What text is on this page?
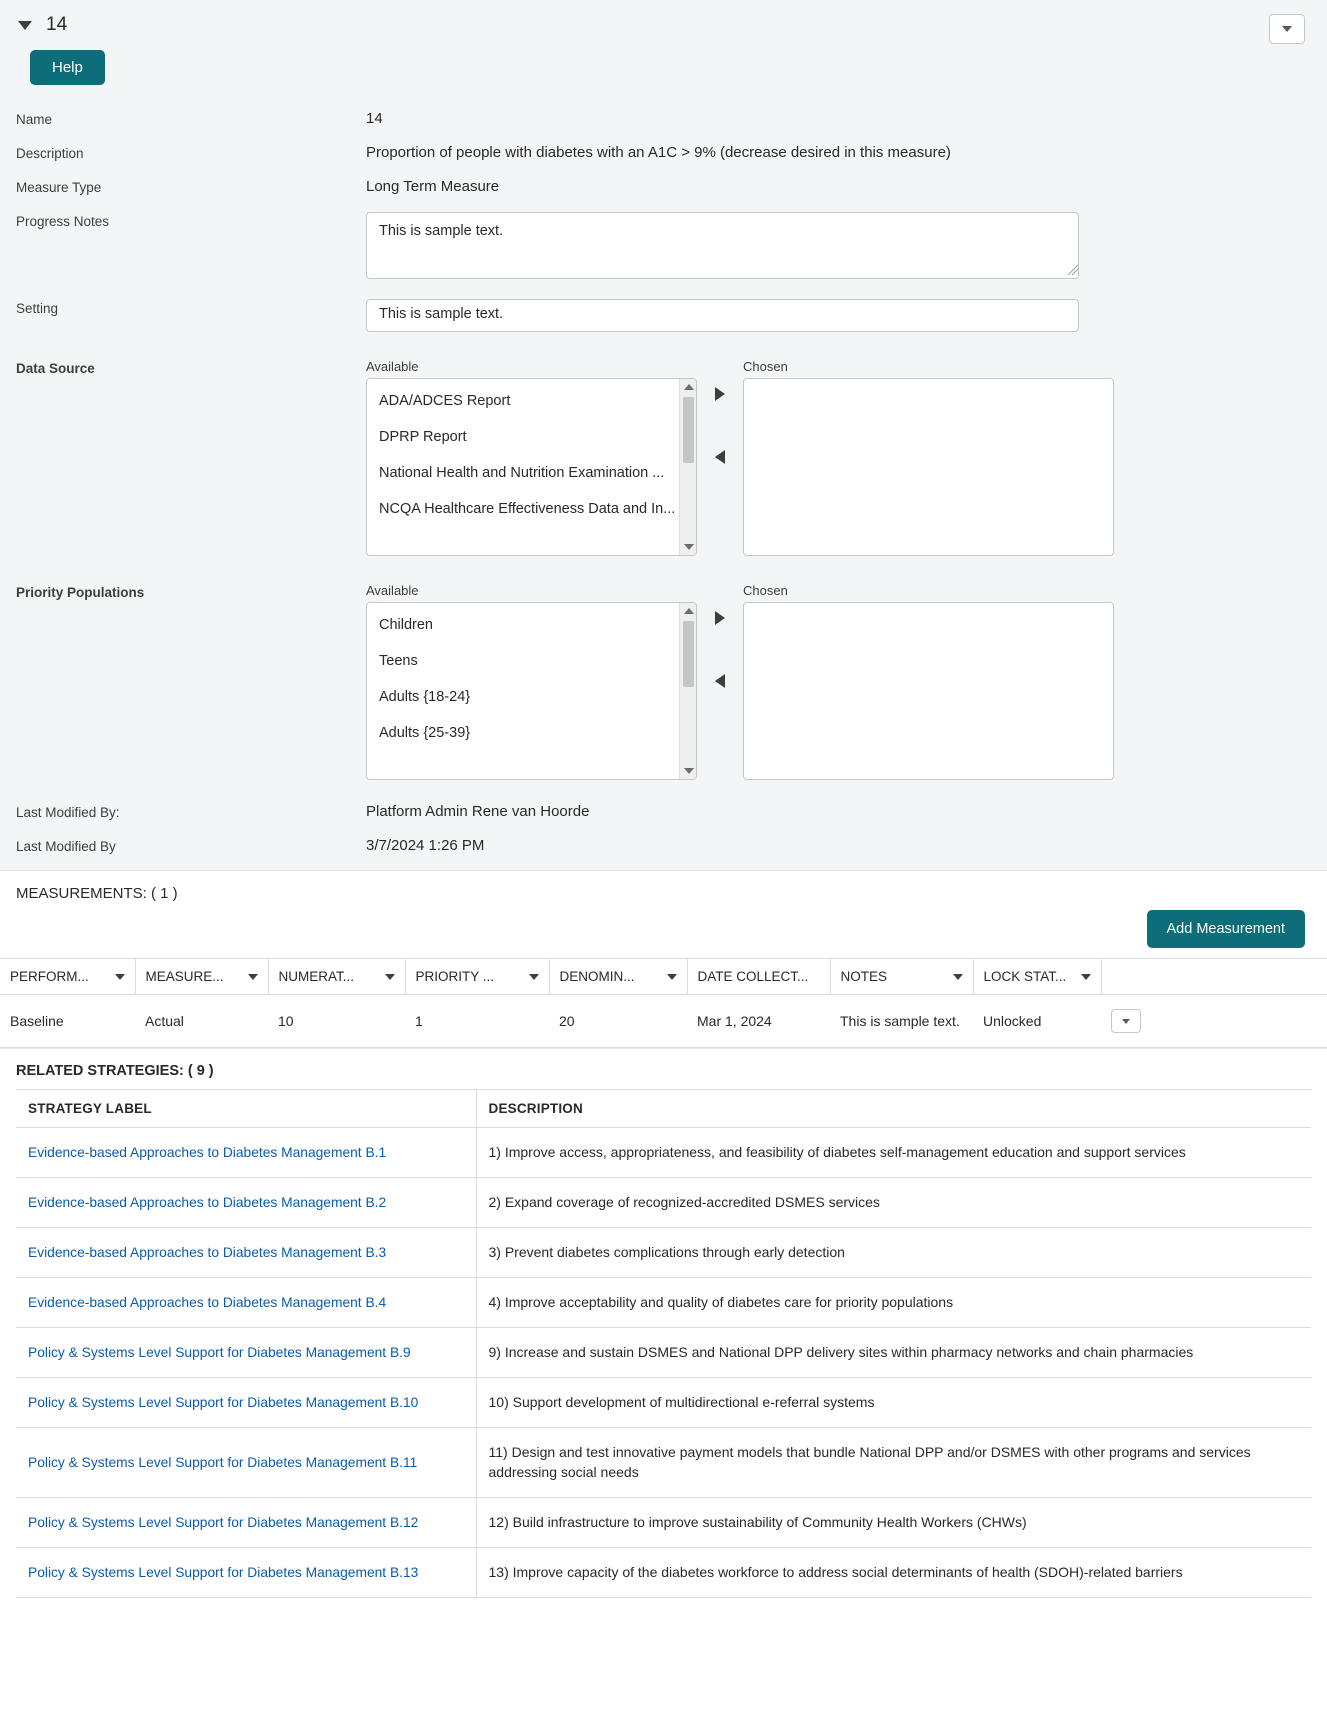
14
Help
Name	14
Description	Proportion of people with diabetes with an A1C > 9% (decrease desired in this measure)
Measure Type	Long Term Measure
Progress Notes
This is sample text.
Setting	This is sample text.
Data Source	Available
ADA/ADCES Report
DPRP Report
National Health and Nutrition Examination ...
NCQA Healthcare Effectiveness Data and In...
Chosen
Priority Populations	Available
Children
Teens
Adults {18-24}
Adults {25-39}
Chosen
Last Modified By:	Platform Admin Rene van Hoorde
Last Modified By	3/7/2024 1:26 PM
MEASUREMENTS: ( 1 )
Add Measurement
PERFORM...	MEASURE...	NUMERAT...	PRIORITY ...	DENOMIN...	DATE COLLECT...	NOTES	LOCK STAT...	

Baseline	Actual	10	1	20	Mar 1, 2024	This is sample text.	Unlocked	
RELATED STRATEGIES: ( 9 )
STRATEGY LABEL	DESCRIPTION
Evidence-based Approaches to Diabetes Management B.1	1) Improve access, appropriateness, and feasibility of diabetes self-management education and support services
Evidence-based Approaches to Diabetes Management B.2	2) Expand coverage of recognized-accredited DSMES services
Evidence-based Approaches to Diabetes Management B.3	3) Prevent diabetes complications through early detection
Evidence-based Approaches to Diabetes Management B.4	4) Improve acceptability and quality of diabetes care for priority populations
Policy & Systems Level Support for Diabetes Management B.9	9) Increase and sustain DSMES and National DPP delivery sites within pharmacy networks and chain pharmacies
Policy & Systems Level Support for Diabetes Management B.10	10) Support development of multidirectional e-referral systems
Policy & Systems Level Support for Diabetes Management B.11	11) Design and test innovative payment models that bundle National DPP and/or DSMES with other programs and services addressing social needs
Policy & Systems Level Support for Diabetes Management B.12	12) Build infrastructure to improve sustainability of Community Health Workers (CHWs)
Policy & Systems Level Support for Diabetes Management B.13	13) Improve capacity of the diabetes workforce to address social determinants of health (SDOH)-related barriers
